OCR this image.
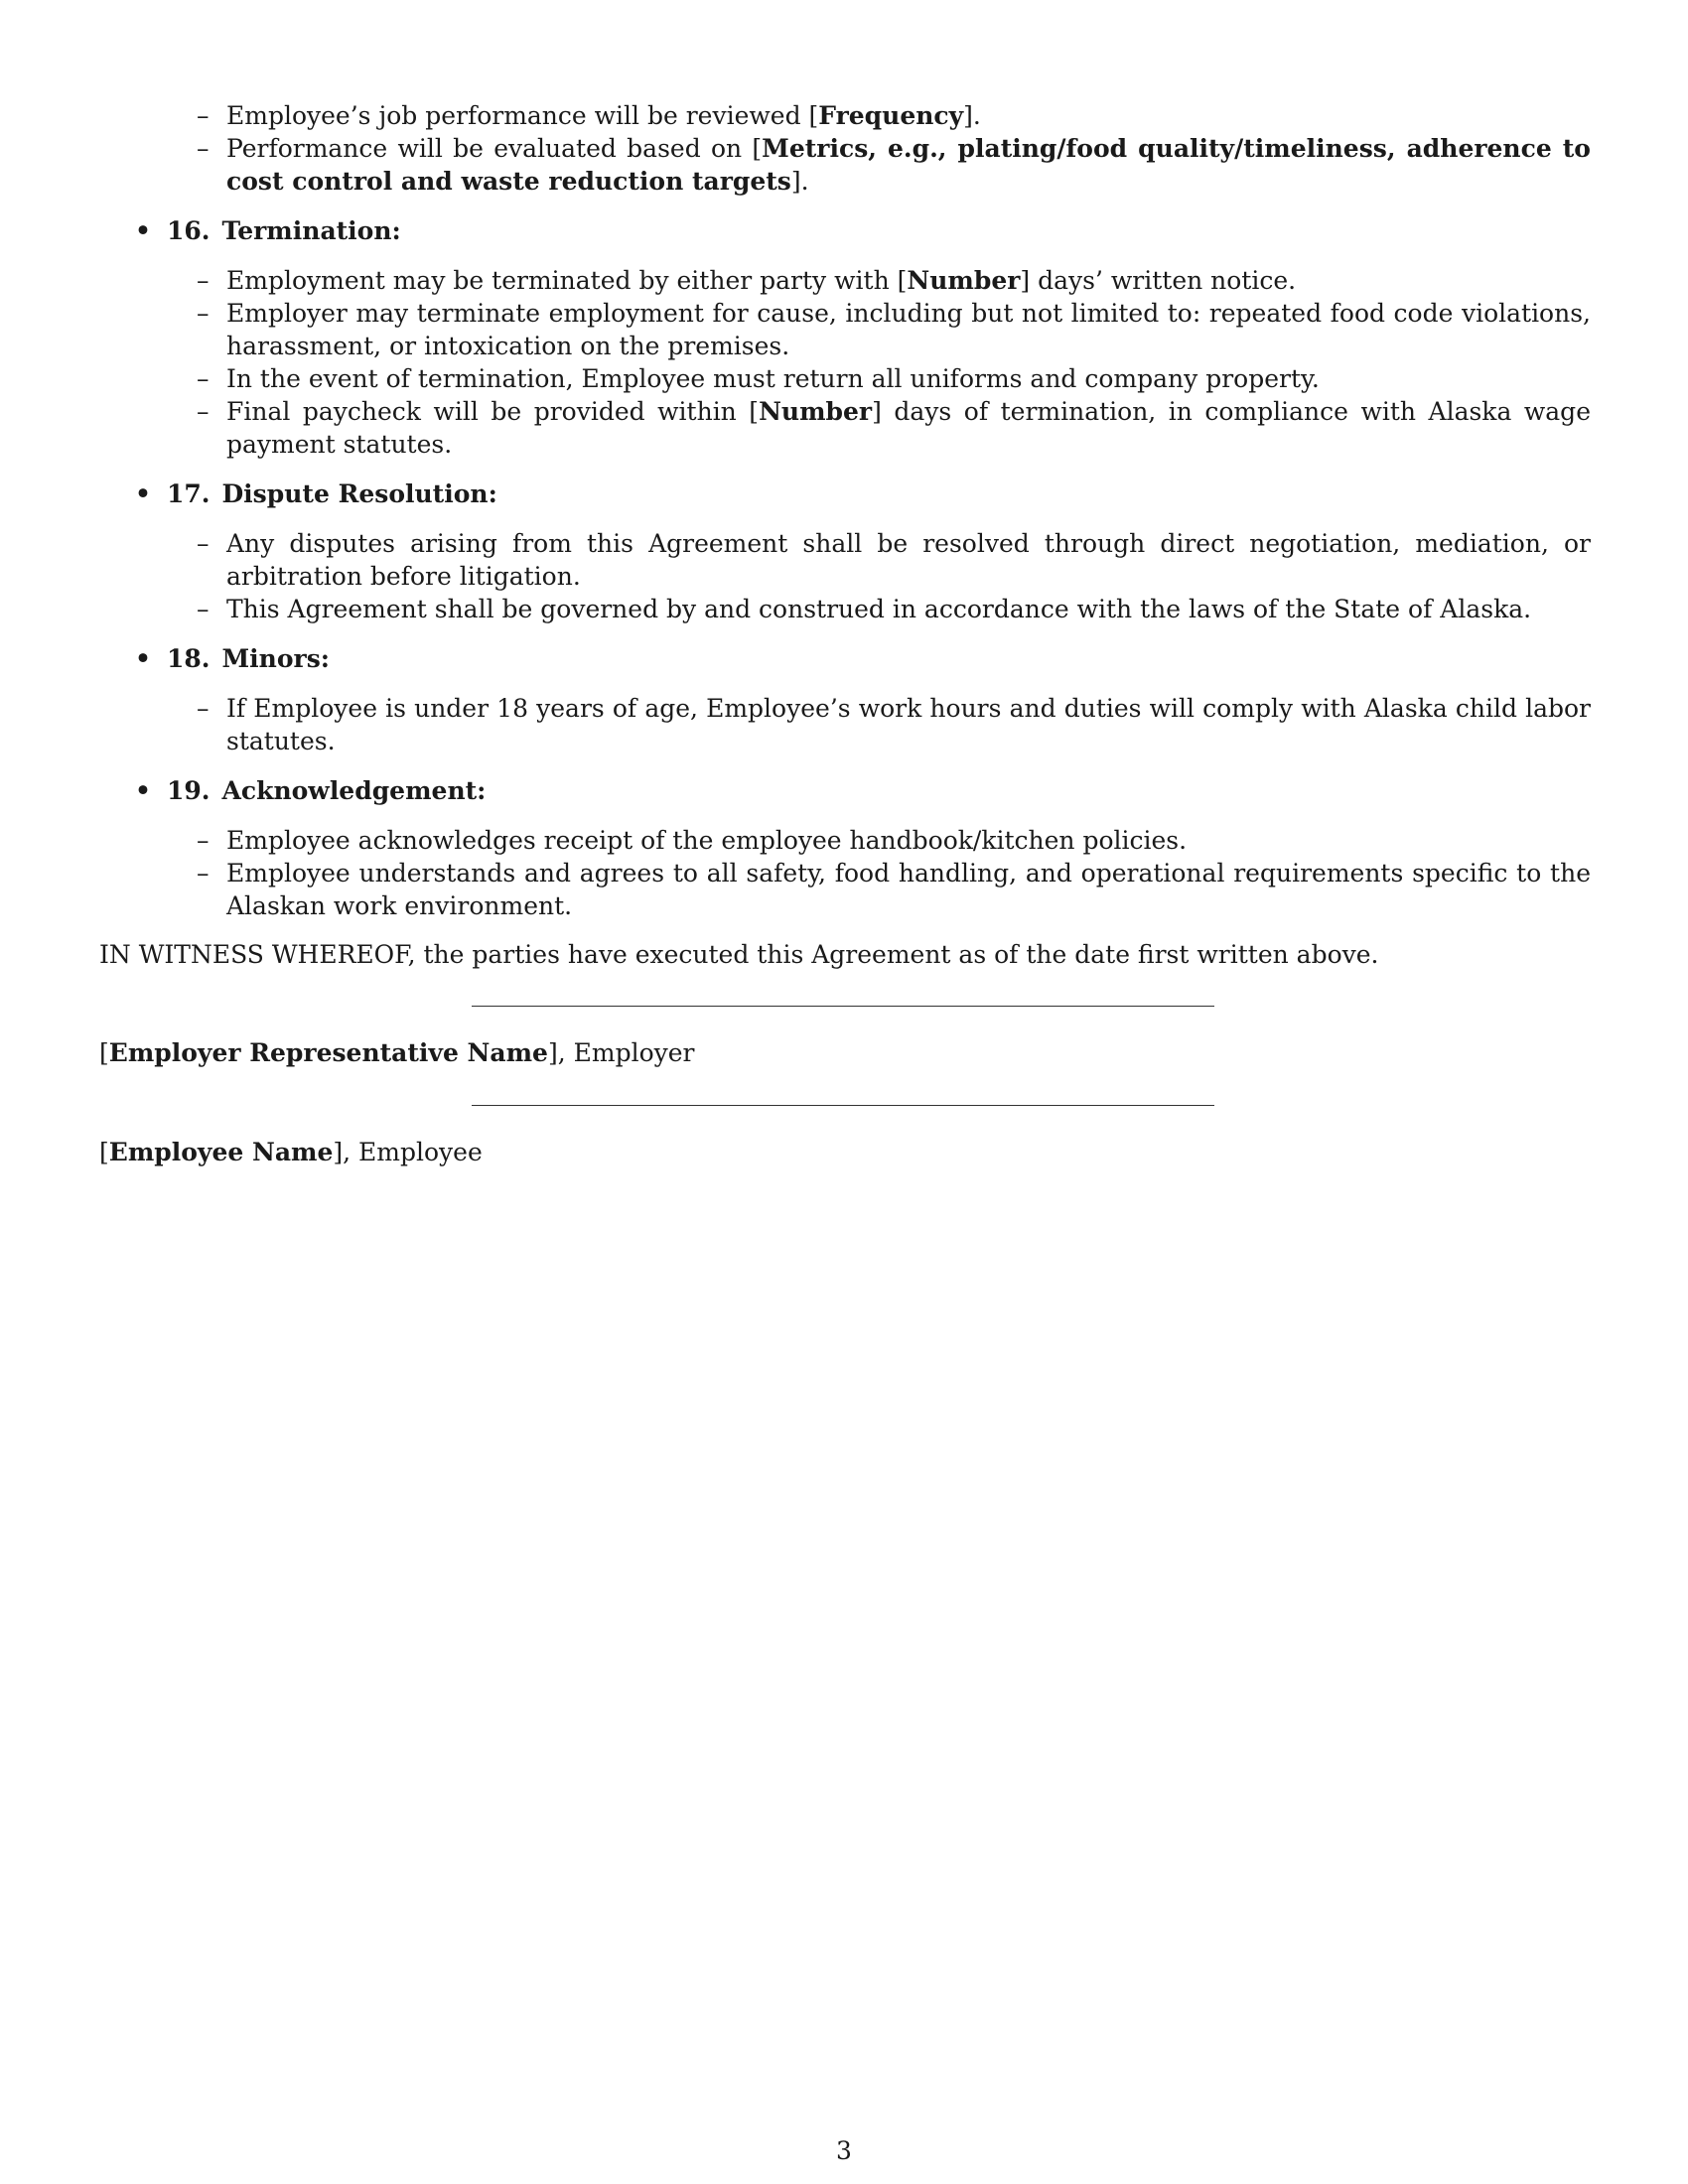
– Employee’s job performance will be reviewed [Frequency].
– Performance will be evaluated based on [Metrics, e.g., plating/food quality/timeliness, adherence to cost control and waste reduction targets].
• 16. Termination:
– Employment may be terminated by either party with [Number] days’ written notice.
– Employer may terminate employment for cause, including but not limited to: repeated food code violations, harassment, or intoxication on the premises.
– In the event of termination, Employee must return all uniforms and company property.
– Final paycheck will be provided within [Number] days of termination, in compliance with Alaska wage payment statutes.
• 17. Dispute Resolution:
– Any disputes arising from this Agreement shall be resolved through direct negotiation, mediation, or arbitration before litigation.
– This Agreement shall be governed by and construed in accordance with the laws of the State of Alaska.
• 18. Minors:
– If Employee is under 18 years of age, Employee’s work hours and duties will comply with Alaska child labor statutes.
• 19. Acknowledgement:
– Employee acknowledges receipt of the employee handbook/kitchen policies.
– Employee understands and agrees to all safety, food handling, and operational requirements specific to the Alaskan work environment.
IN WITNESS WHEREOF, the parties have executed this Agreement as of the date first written above.
[Employer Representative Name], Employer
[Employee Name], Employee
3
